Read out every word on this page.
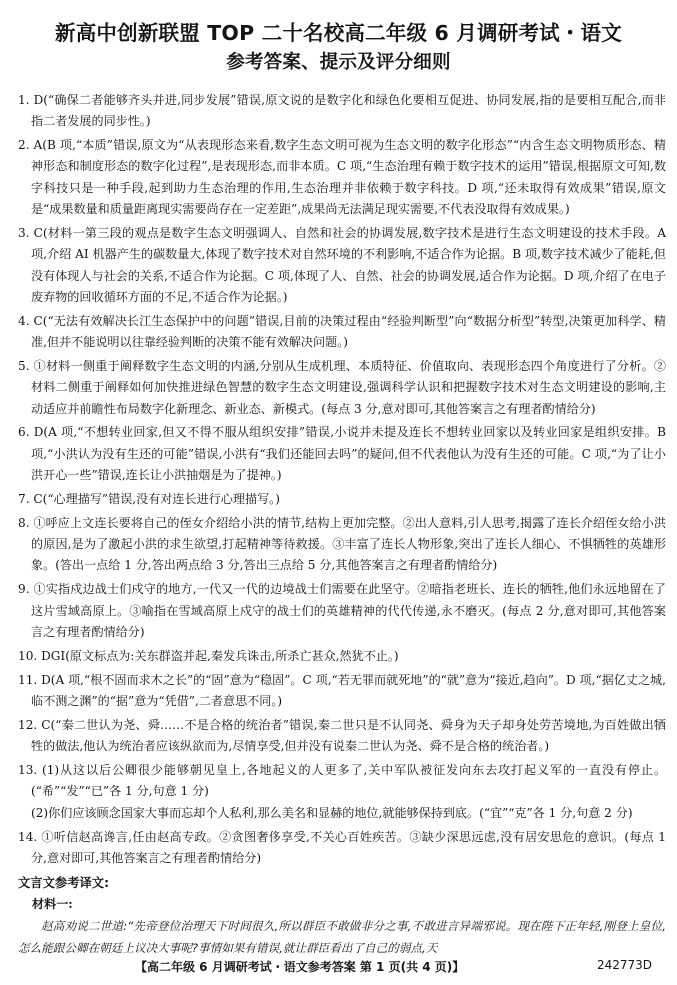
新高中创新联盟 TOP 二十名校高二年级 6 月调研考试・语文
参考答案、提示及评分细则
1. D(“确保二者能够齐头并进,同步发展”错误,原文说的是数字化和绿色化要相互促进、协同发展,指的是要相互配合,而非指二者发展的同步性。)
2. A(B 项,“本质”错误,原文为“从表现形态来看,数字生态文明可视为生态文明的数字化形态”“内含生态文明物质形态、精神形态和制度形态的数字化过程”,是表现形态,而非本质。C 项,“生态治理有赖于数字技术的运用”错误,根据原文可知,数字科技只是一种手段,起到助力生态治理的作用,生态治理并非依赖于数字科技。D 项,“还未取得有效成果”错误,原文是“成果数量和质量距离现实需要尚存在一定差距”,成果尚无法满足现实需要,不代表没取得有效成果。)
3. C(材料一第三段的观点是数字生态文明强调人、自然和社会的协调发展,数字技术是进行生态文明建设的技术手段。A 项,介绍 AI 机器产生的碳数量大,体现了数字技术对自然环境的不利影响,不适合作为论据。B 项,数字技术减少了能耗,但没有体现人与社会的关系,不适合作为论据。C 项,体现了人、自然、社会的协调发展,适合作为论据。D 项,介绍了在电子废弃物的回收循环方面的不足,不适合作为论据。)
4. C(“无法有效解决长江生态保护中的问题”错误,目前的决策过程由“经验判断型”向“数据分析型”转型,决策更加科学、精准,但并不能说明以往靠经验判断的决策不能有效解决问题。)
5. ①材料一侧重于阐释数字生态文明的内涵,分别从生成机理、本质特征、价值取向、表现形态四个角度进行了分析。②材料二侧重于阐释如何加快推进绿色智慧的数字生态文明建设,强调科学认识和把握数字技术对生态文明建设的影响,主动适应并前瞻性布局数字化新理念、新业态、新模式。(每点 3 分,意对即可,其他答案言之有理者酌情给分)
6. D(A 项,“不想转业回家,但又不得不服从组织安排”错误,小说并未提及连长不想转业回家以及转业回家是组织安排。B 项,“小洪认为没有生还的可能”错误,小洪有“我们还能回去吗”的疑问,但不代表他认为没有生还的可能。C 项,“为了让小洪开心一些”错误,连长让小洪抽烟是为了提神。)
7. C(“心理描写”错误,没有对连长进行心理描写。)
8. ①呼应上文连长要将自己的侄女介绍给小洪的情节,结构上更加完整。②出人意料,引人思考,揭露了连长介绍侄女给小洪的原因,是为了激起小洪的求生欲望,打起精神等待救援。③丰富了连长人物形象,突出了连长人细心、不惧牺牲的英雄形象。(答出一点给 1 分,答出两点给 3 分,答出三点给 5 分,其他答案言之有理者酌情给分)
9. ①实指戍边战士们戍守的地方,一代又一代的边境战士们需要在此坚守。②暗指老班长、连长的牺牲,他们永远地留在了这片雪域高原上。③喻指在雪域高原上戍守的战士们的英雄精神的代代传递,永不磨灭。(每点 2 分,意对即可,其他答案言之有理者酌情给分)
10. DGI(原文标点为:关东群盗并起,秦发兵诛击,所杀亡甚众,然犹不止。)
11. D(A 项,“根不固而求木之长”的“固”意为“稳固”。C 项,“若无罪而就死地”的“就”意为“接近,趋向”。D 项,“据亿丈之城,临不测之渊”的“据”意为“凭借”,二者意思不同。)
12. C(“秦二世认为尧、舜……不是合格的统治者”错误,秦二世只是不认同尧、舜身为天子却身处劳苦境地,为百姓做出牺牲的做法,他认为统治者应该纵欲而为,尽情享受,但并没有说秦二世认为尧、舜不是合格的统治者。)
13. (1)从这以后公卿很少能够朝见皇上,各地起义的人更多了,关中军队被征发向东去攻打起义军的一直没有停止。(“希”“发”“已”各 1 分,句意 1 分)
(2)你们应该顾念国家大事而忘却个人私利,那么美名和显赫的地位,就能够保持到底。(“宜”“克”各 1 分,句意 2 分)
14. ①听信赵高谗言,任由赵高专政。②贪图奢侈享受,不关心百姓疾苦。③缺少深思远虑,没有居安思危的意识。(每点 1 分,意对即可,其他答案言之有理者酌情给分)
文言文参考译文:
材料一:
赵高劝说二世道:“先帝登位治理天下时间很久,所以群臣不敢做非分之事,不敢进言异端邪说。现在陛下正年轻,刚登上皇位,怎么能跟公卿在朝廷上议决大事呢?事情如果有错误,就让群臣看出了自己的弱点,天
【高二年级 6 月调研考试・语文参考答案 第 1 页(共 4 页)】	242773D
